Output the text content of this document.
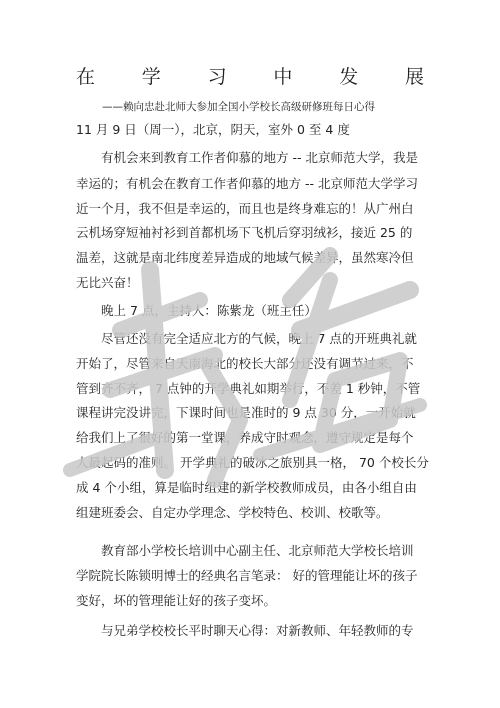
在 学 习 中 发 展
——赖向忠赴北师大参加全国小学校长高级研修班每日心得
11 月 9 日（周一），北京，阴天，室外 0 至 4 度
有机会来到教育工作者仰慕的地方 -- 北京师范大学，我是
幸运的；有机会在教育工作者仰慕的地方 -- 北京师范大学学习
近一个月，我不但是幸运的，而且也是终身难忘的！从广州白
云机场穿短袖衬衫到首都机场下飞机后穿羽绒衫，接近 25 的
温差，这就是南北纬度差异造成的地域气候差异，虽然寒冷但
无比兴奋！
晚上 7 点，主持人：陈紫龙（班主任）
尽管还没有完全适应北方的气候，晚上 7 点的开班典礼就
开始了，尽管来自天南海北的校长大部分还没有调节过来，不
管到齐不齐， 7 点钟的开学典礼如期举行，不差 1 秒钟，不管
课程讲完没讲完，下课时间也是准时的 9 点 30 分，一开始就
给我们上了很好的第一堂课，养成守时观念，遵守规定是每个
人最起码的准则。 开学典礼的破冰之旅别具一格， 70 个校长分
成 4 个小组，算是临时组建的新学校教师成员，由各小组自由
组建班委会、自定办学理念、学校特色、校训、校歌等。
教育部小学校长培训中心副主任、北京师范大学校长培训
学院院长陈锁明博士的经典名言笔录： 好的管理能让坏的孩子
变好，坏的管理能让好的孩子变坏。
与兄弟学校校长平时聊天心得：对新教师、年轻教师的专
